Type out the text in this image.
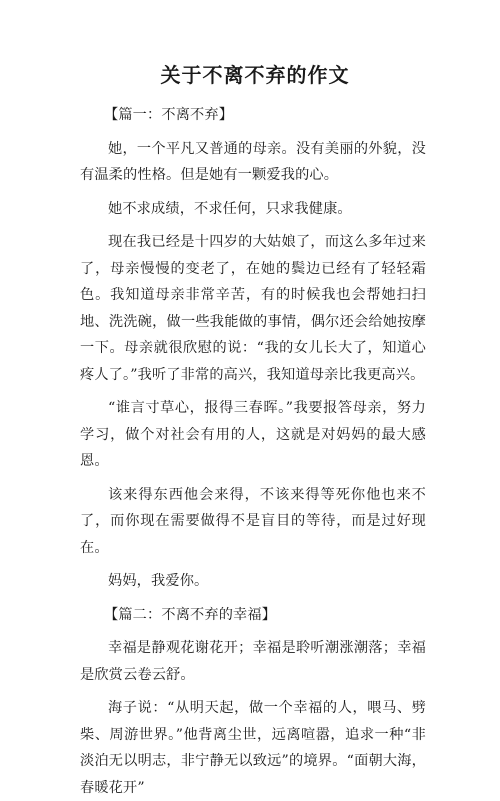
关于不离不弃的作文
【篇一：不离不弃】
她，一个平凡又普通的母亲。没有美丽的外貌，没有温柔的性格。但是她有一颗爱我的心。
她不求成绩，不求任何，只求我健康。
现在我已经是十四岁的大姑娘了，而这么多年过来了，母亲慢慢的变老了，在她的鬓边已经有了轻轻霜色。我知道母亲非常辛苦，有的时候我也会帮她扫扫地、洗洗碗，做一些我能做的事情，偶尔还会给她按摩一下。母亲就很欣慰的说：“我的女儿长大了，知道心疼人了。”我听了非常的高兴，我知道母亲比我更高兴。
“谁言寸草心，报得三春晖。”我要报答母亲，努力学习，做个对社会有用的人，这就是对妈妈的最大感恩。
该来得东西他会来得，不该来得等死你他也来不了，而你现在需要做得不是盲目的等待，而是过好现在。
妈妈，我爱你。
【篇二：不离不弃的幸福】
幸福是静观花谢花开；幸福是聆听潮涨潮落；幸福是欣赏云卷云舒。
海子说：“从明天起，做一个幸福的人，喂马、劈柴、周游世界。”他背离尘世，远离喧嚣，追求一种“非淡泊无以明志，非宁静无以致远”的境界。“面朝大海，春暖花开”
